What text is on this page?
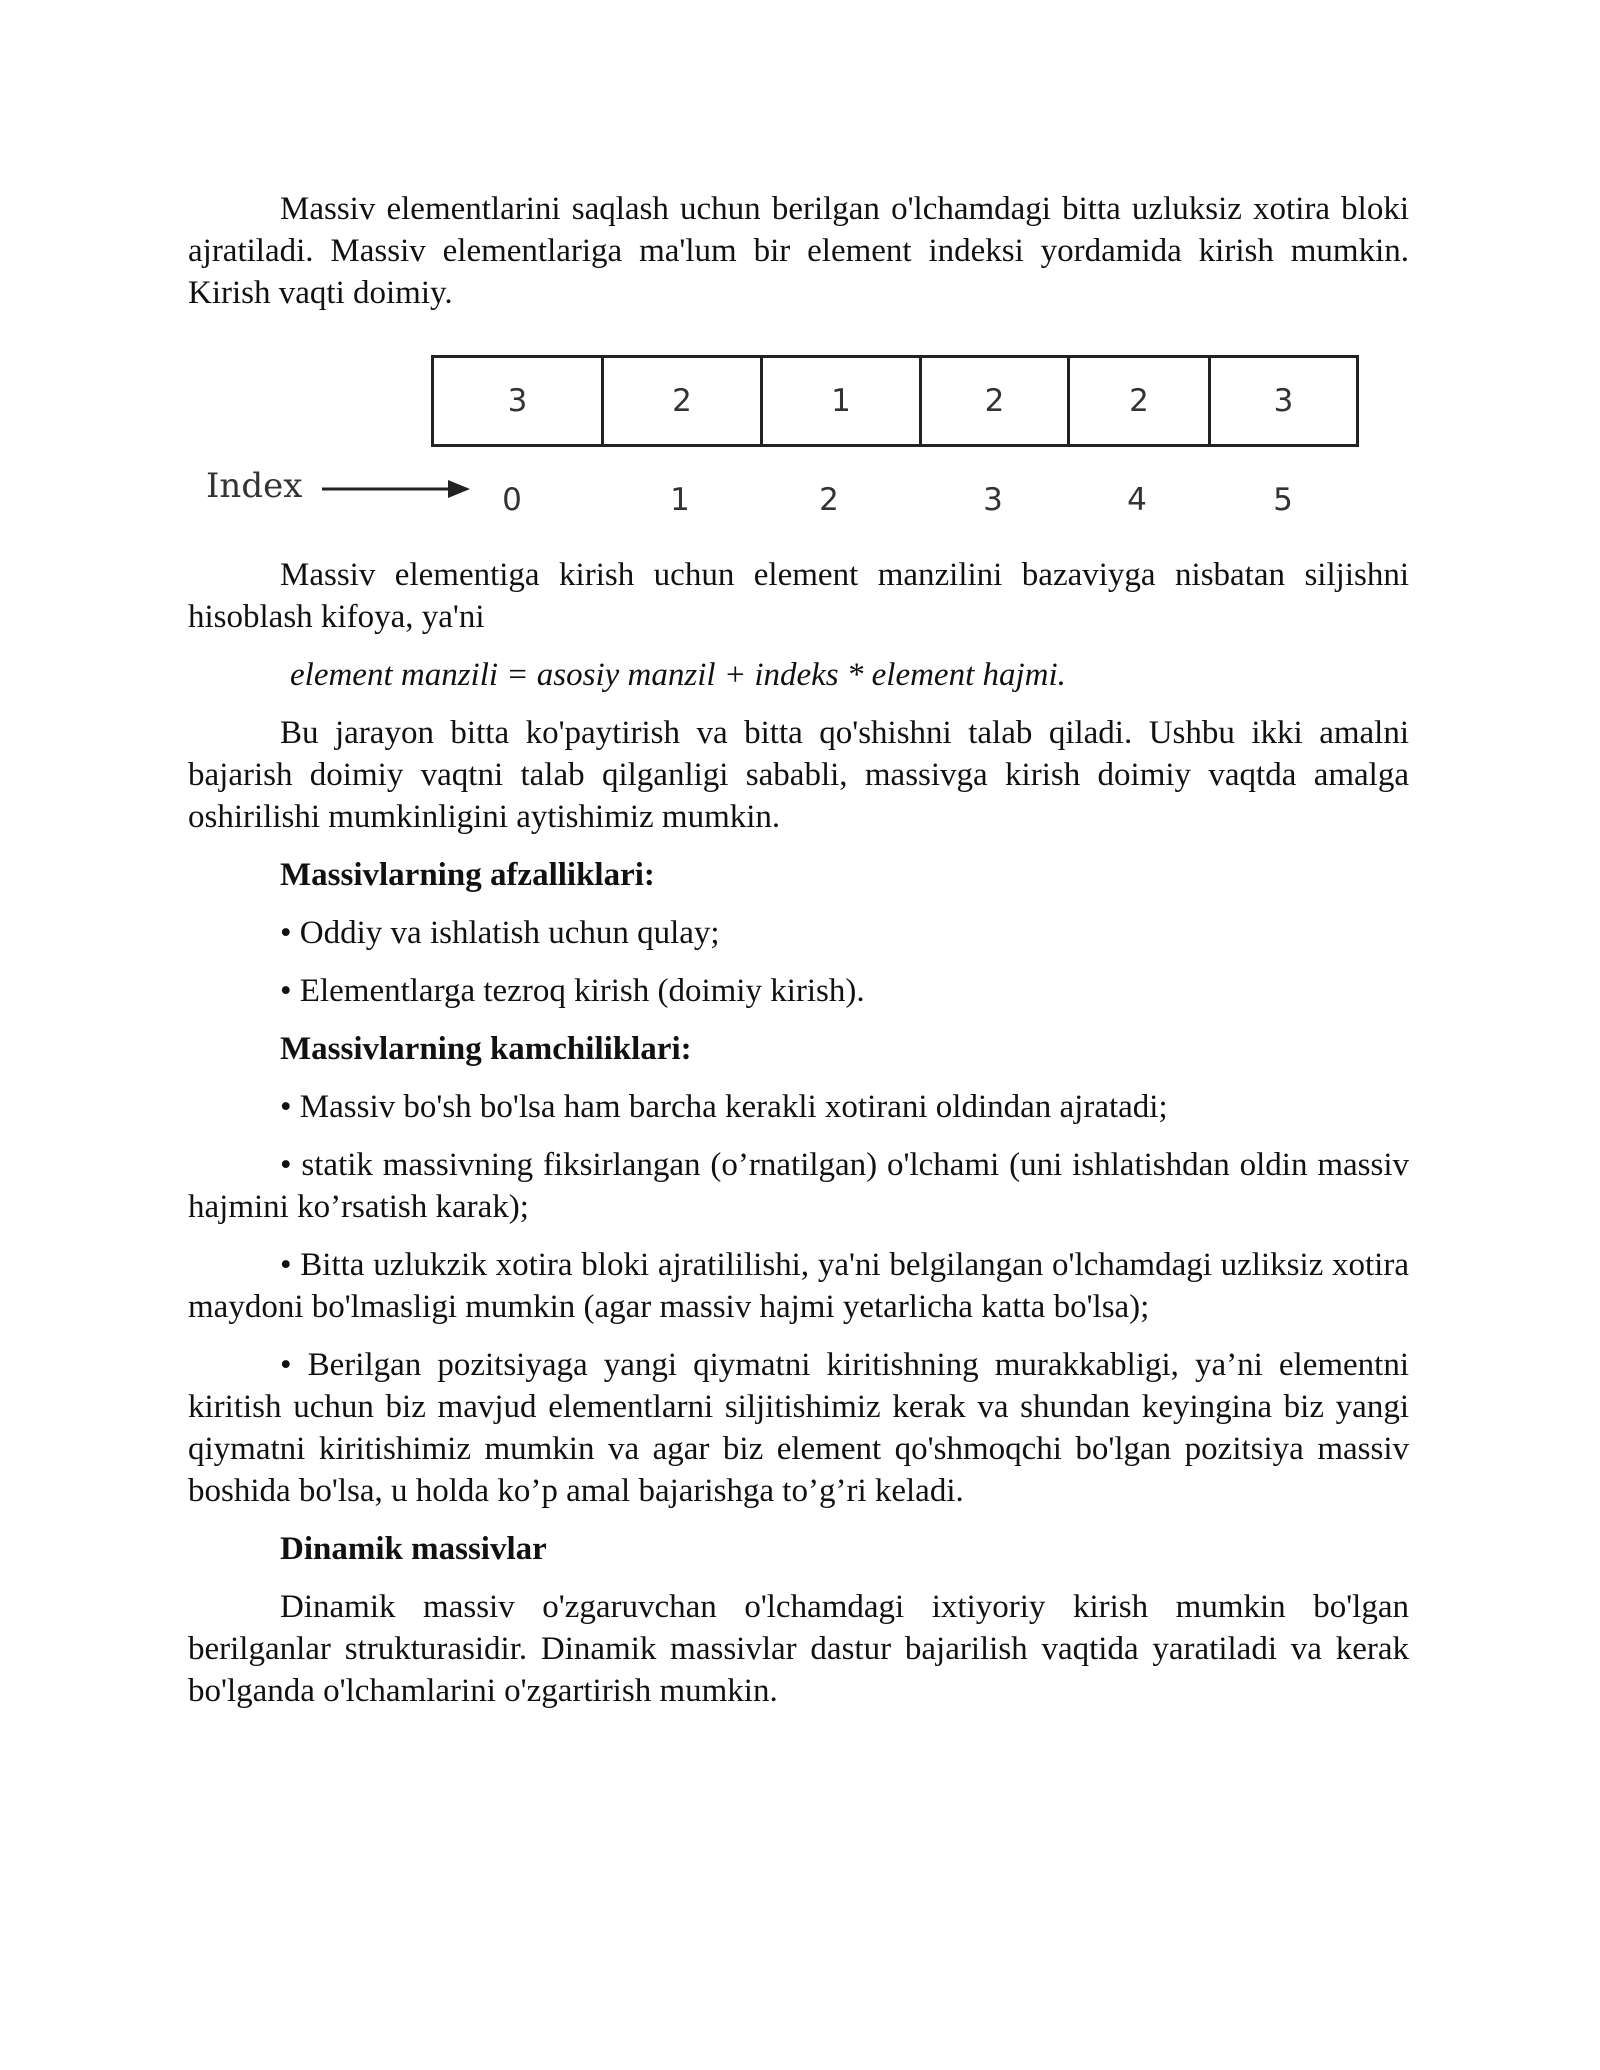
Massiv elementlarini saqlash uchun berilgan o'lchamdagi bitta uzluksiz xotira bloki ajratiladi. Massiv elementlariga ma'lum bir element indeksi yordamida kirish mumkin. Kirish vaqti doimiy.

3	2	1	2	2	3
Index	0	1	2	3	4	5

Massiv elementiga kirish uchun element manzilini bazaviyga nisbatan siljishni hisoblash kifoya, ya'ni

element manzili = asosiy manzil + indeks * element hajmi.

Bu jarayon bitta ko'paytirish va bitta qo'shishni talab qiladi. Ushbu ikki amalni bajarish doimiy vaqtni talab qilganligi sababli, massivga kirish doimiy vaqtda amalga oshirilishi mumkinligini aytishimiz mumkin.

Massivlarning afzalliklari:

• Oddiy va ishlatish uchun qulay;

• Elementlarga tezroq kirish (doimiy kirish).

Massivlarning kamchiliklari:

• Massiv bo'sh bo'lsa ham barcha kerakli xotirani oldindan ajratadi;

• statik massivning fiksirlangan (o’rnatilgan) o'lchami (uni ishlatishdan oldin massiv hajmini ko’rsatish karak);

• Bitta uzlukzik xotira bloki ajratililishi, ya'ni belgilangan o'lchamdagi uzliksiz xotira maydoni bo'lmasligi mumkin (agar massiv hajmi yetarlicha katta bo'lsa);

• Berilgan pozitsiyaga yangi qiymatni kiritishning murakkabligi, ya’ni elementni kiritish uchun biz mavjud elementlarni siljitishimiz kerak va shundan keyingina biz yangi qiymatni kiritishimiz mumkin va agar biz element qo'shmoqchi bo'lgan pozitsiya massiv boshida bo'lsa, u holda ko’p amal bajarishga to’g’ri keladi.

Dinamik massivlar

Dinamik massiv o'zgaruvchan o'lchamdagi ixtiyoriy kirish mumkin bo'lgan berilganlar strukturasidir. Dinamik massivlar dastur bajarilish vaqtida yaratiladi va kerak bo'lganda o'lchamlarini o'zgartirish mumkin.
